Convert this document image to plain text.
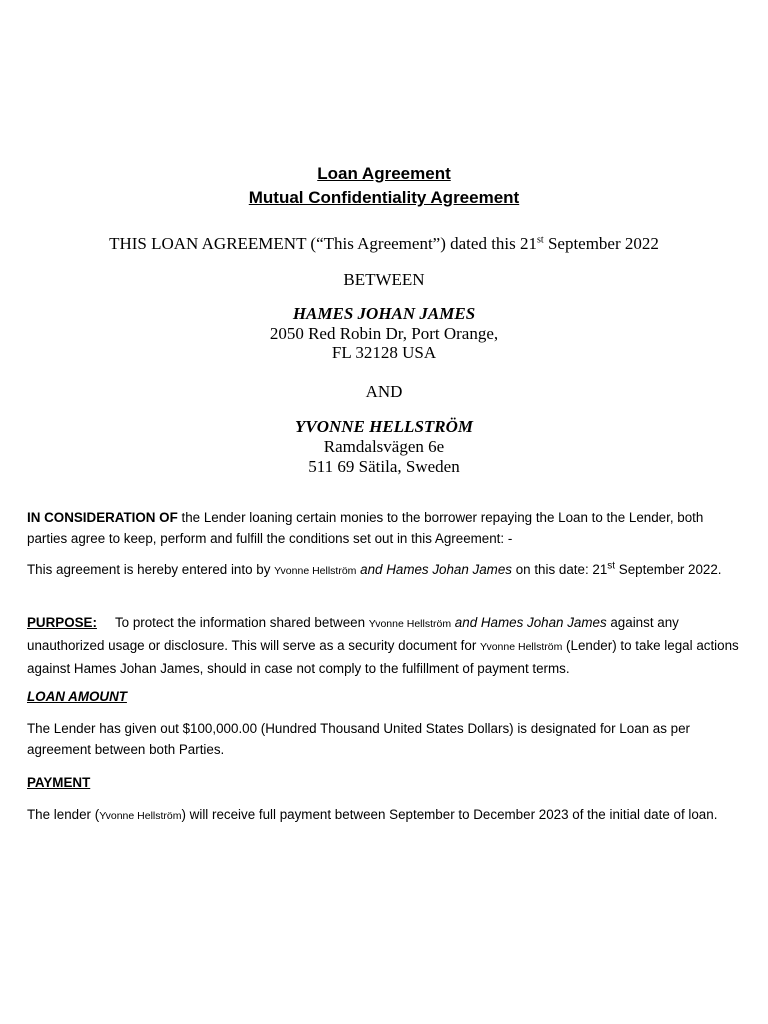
Loan Agreement
Mutual Confidentiality Agreement
THIS LOAN AGREEMENT (“This Agreement”) dated this 21st September 2022
BETWEEN
HAMES JOHAN JAMES
2050 Red Robin Dr, Port Orange,
FL 32128 USA
AND
YVONNE HELLSTRÖM
Ramdalsvägen 6e
511 69 Sätila, Sweden
IN CONSIDERATION OF the Lender loaning certain monies to the borrower repaying the Loan to the Lender, both parties agree to keep, perform and fulfill the conditions set out in this Agreement: -
This agreement is hereby entered into by Yvonne Hellström and Hames Johan James on this date: 21st September 2022.
PURPOSE: To protect the information shared between Yvonne Hellström and Hames Johan James against any unauthorized usage or disclosure. This will serve as a security document for Yvonne Hellström (Lender) to take legal actions against Hames Johan James, should in case not comply to the fulfillment of payment terms.
LOAN AMOUNT
The Lender has given out $100,000.00 (Hundred Thousand United States Dollars) is designated for Loan as per agreement between both Parties.
PAYMENT
The lender (Yvonne Hellström) will receive full payment between September to December 2023 of the initial date of loan.
